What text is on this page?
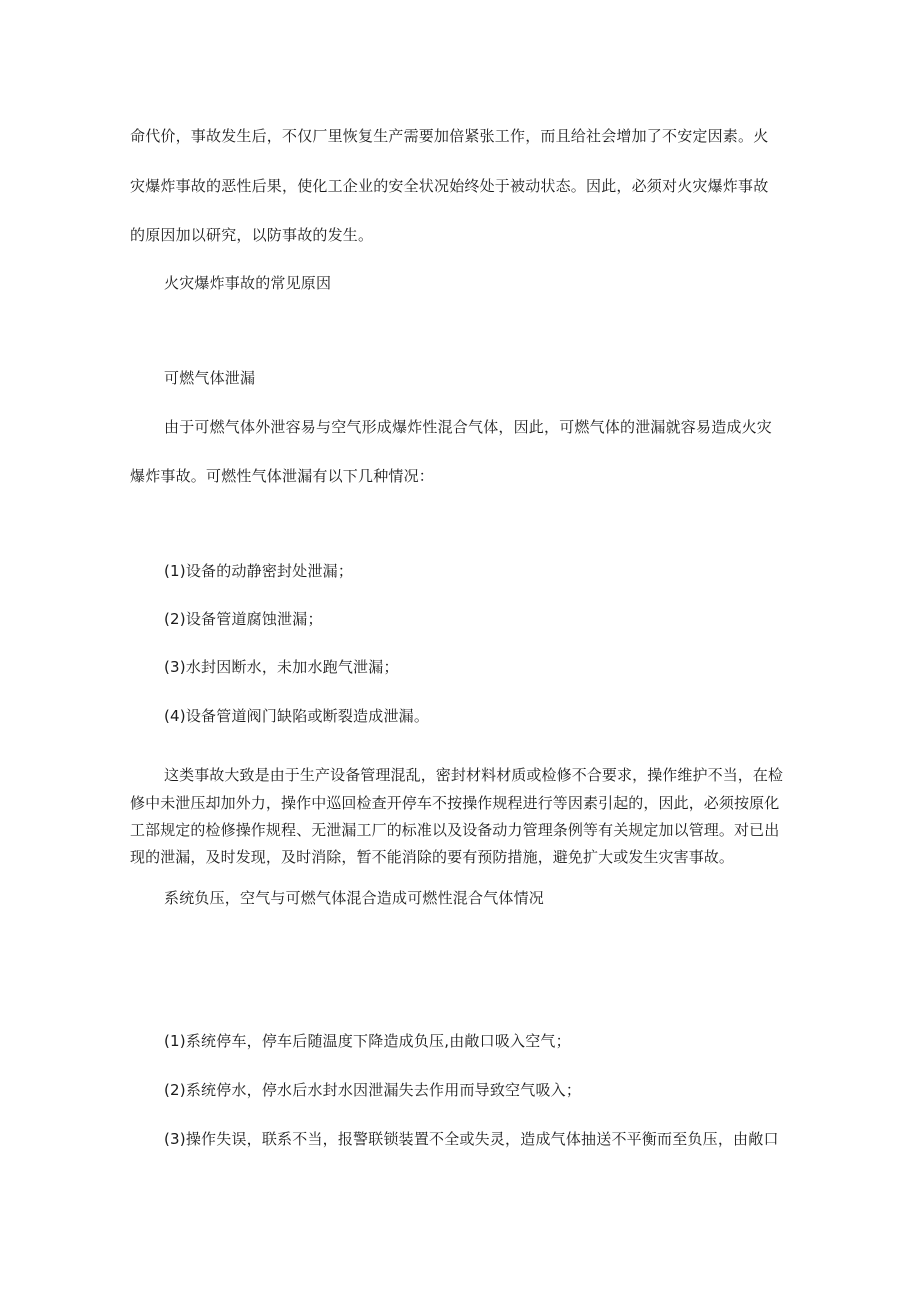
命代价，事故发生后，不仅厂里恢复生产需要加倍紧张工作，而且给社会增加了不安定因素。火
灾爆炸事故的恶性后果，使化工企业的安全状况始终处于被动状态。因此，必须对火灾爆炸事故
的原因加以研究，以防事故的发生。
火灾爆炸事故的常见原因
可燃气体泄漏
由于可燃气体外泄容易与空气形成爆炸性混合气体，因此，可燃气体的泄漏就容易造成火灾
爆炸事故。可燃性气体泄漏有以下几种情况：
(1)设备的动静密封处泄漏；
(2)设备管道腐蚀泄漏；
(3)水封因断水，未加水跑气泄漏；
(4)设备管道阀门缺陷或断裂造成泄漏。
这类事故大致是由于生产设备管理混乱，密封材料材质或检修不合要求，操作维护不当，在检
修中未泄压却加外力，操作中巡回检查开停车不按操作规程进行等因素引起的，因此，必须按原化
工部规定的检修操作规程、无泄漏工厂的标准以及设备动力管理条例等有关规定加以管理。对已出
现的泄漏，及时发现，及时消除，暂不能消除的要有预防措施，避免扩大或发生灾害事故。
系统负压，空气与可燃气体混合造成可燃性混合气体情况
(1)系统停车，停车后随温度下降造成负压,由敞口吸入空气；
(2)系统停水，停水后水封水因泄漏失去作用而导致空气吸入；
(3)操作失误，联系不当，报警联锁装置不全或失灵，造成气体抽送不平衡而至负压，由敞口
